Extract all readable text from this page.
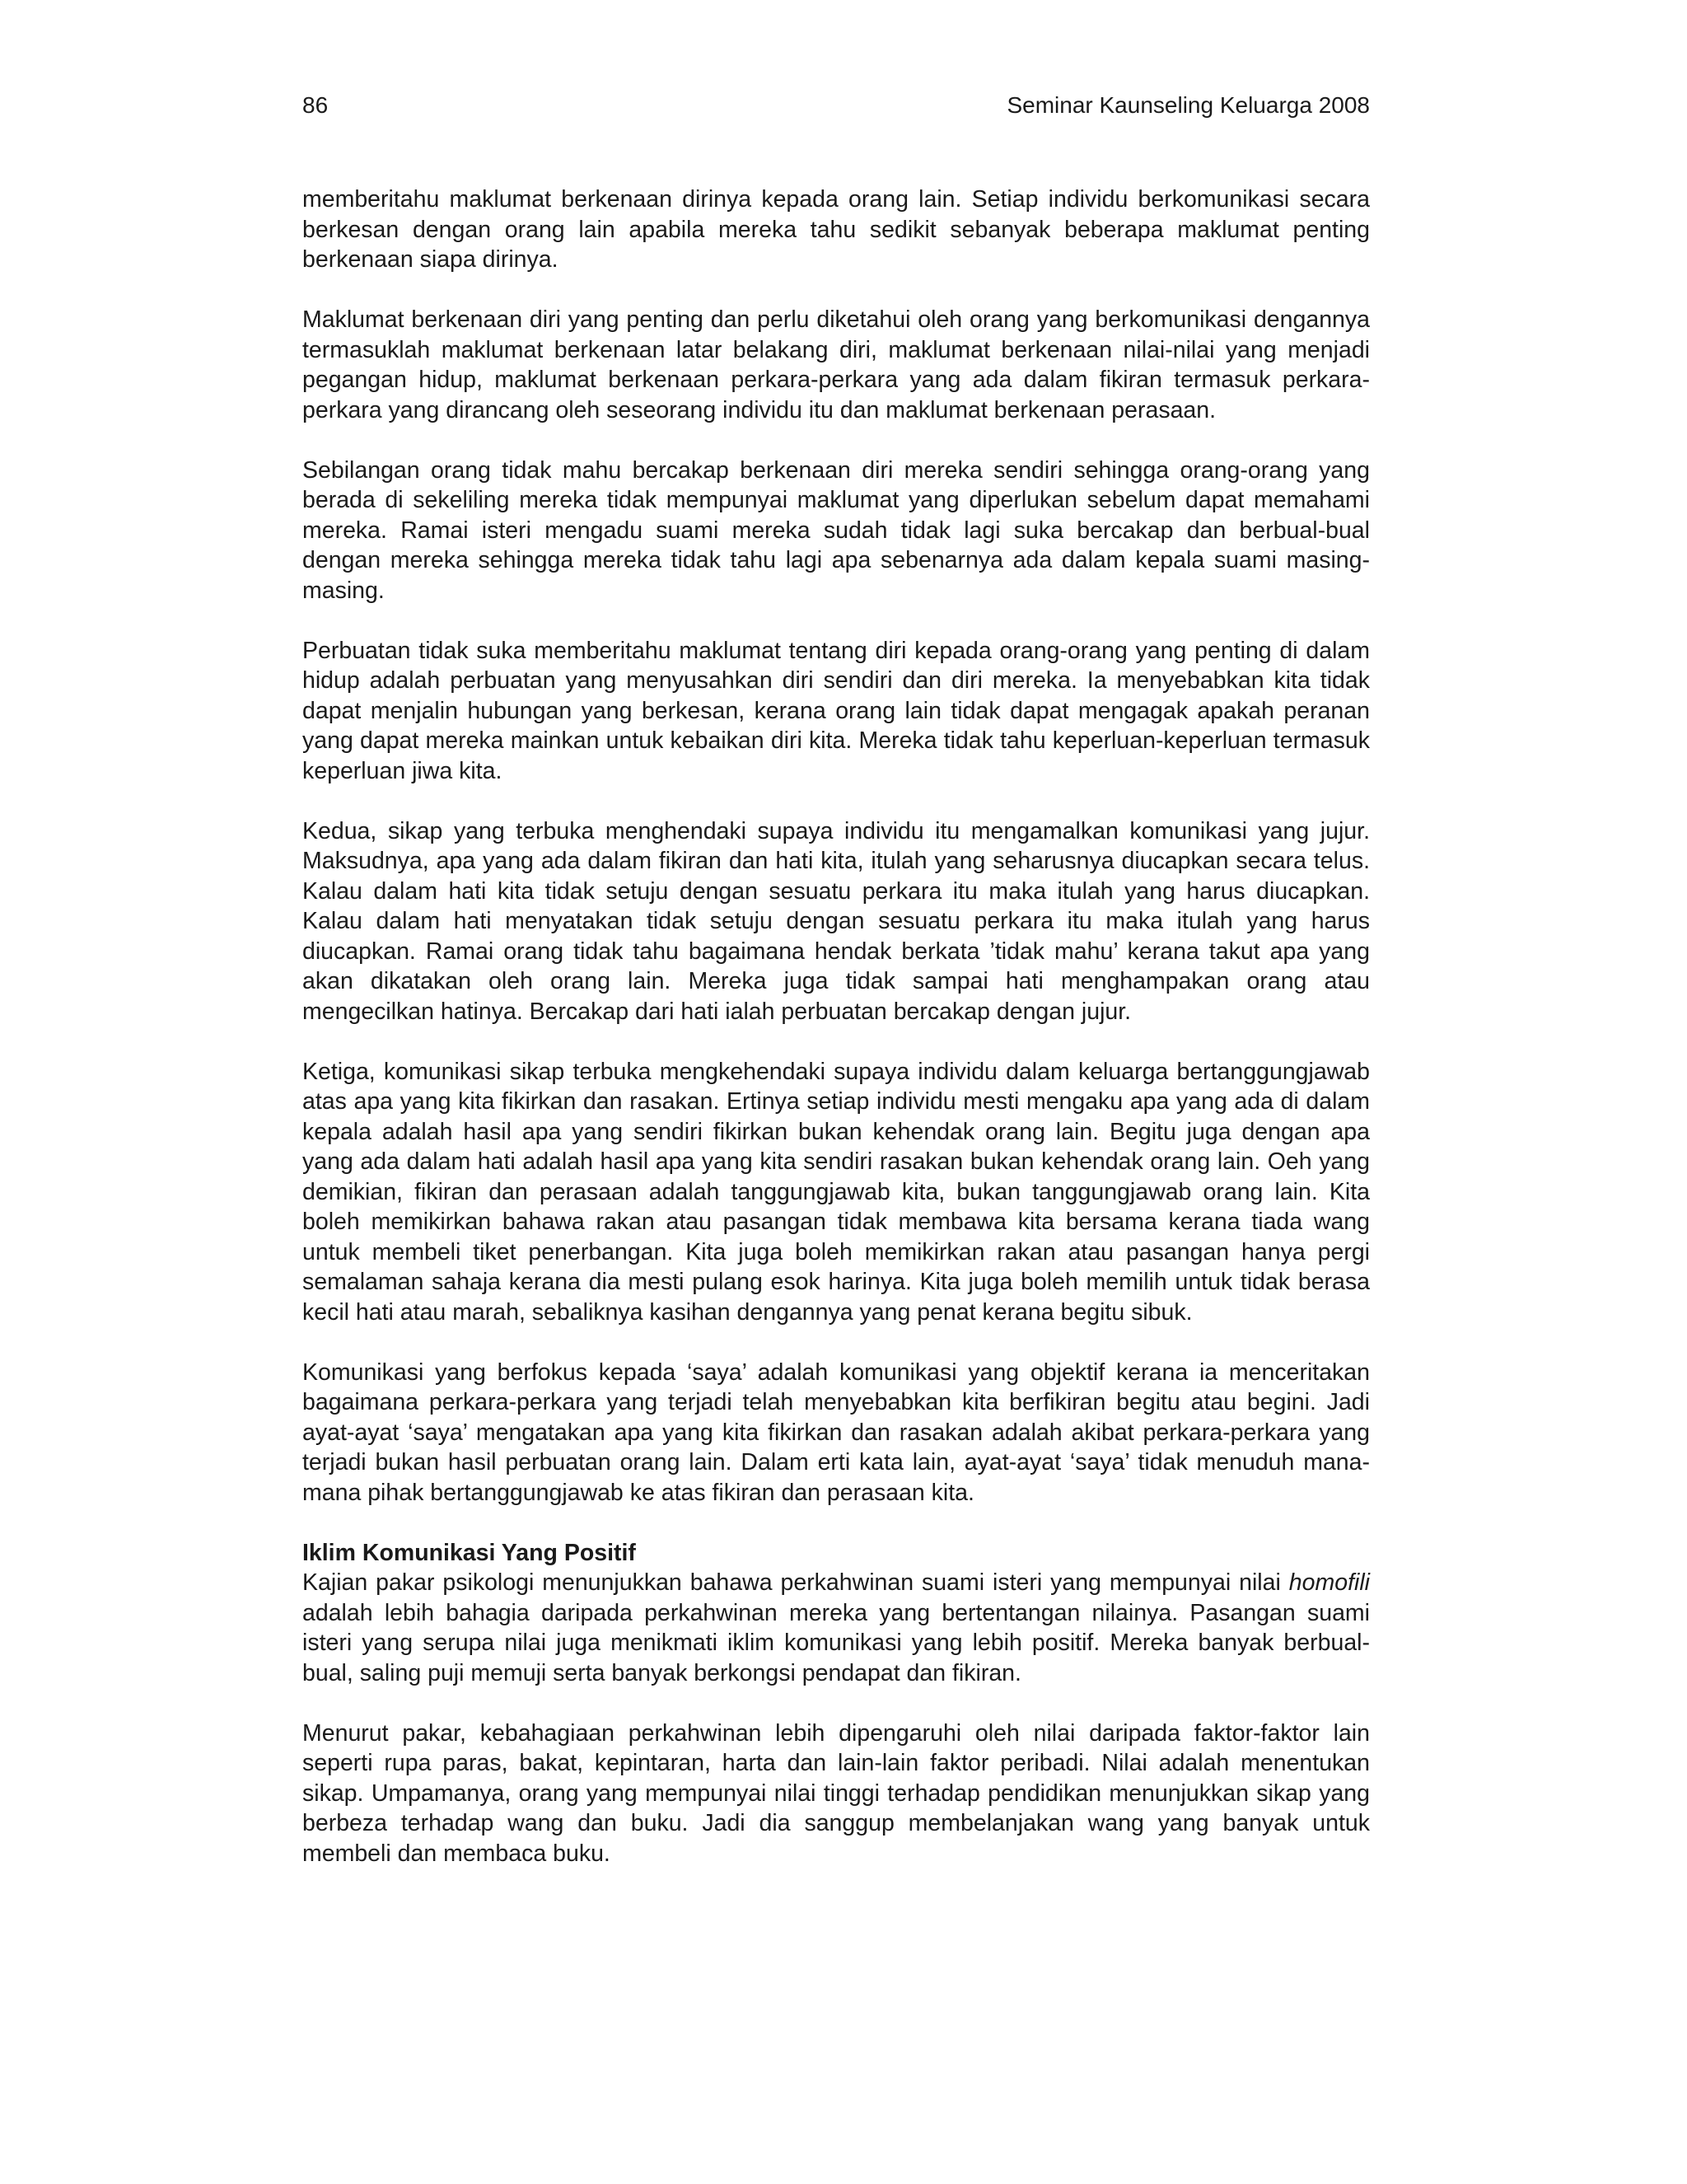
86	Seminar Kaunseling Keluarga 2008

memberitahu maklumat berkenaan dirinya kepada orang lain. Setiap individu berkomunikasi secara berkesan dengan orang lain apabila mereka tahu sedikit sebanyak beberapa maklumat penting berkenaan siapa dirinya.

Maklumat berkenaan diri yang penting dan perlu diketahui oleh orang yang berkomunikasi dengannya termasuklah maklumat berkenaan latar belakang diri, maklumat berkenaan nilai-nilai yang menjadi pegangan hidup, maklumat berkenaan perkara-perkara yang ada dalam fikiran termasuk perkara-perkara yang dirancang oleh seseorang individu itu dan maklumat berkenaan perasaan.

Sebilangan orang tidak mahu bercakap berkenaan diri mereka sendiri sehingga orang-orang yang berada di sekeliling mereka tidak mempunyai maklumat yang diperlukan sebelum dapat memahami mereka. Ramai isteri mengadu suami mereka sudah tidak lagi suka bercakap dan berbual-bual dengan mereka sehingga mereka tidak tahu lagi apa sebenarnya ada dalam kepala suami masing-masing.

Perbuatan tidak suka memberitahu maklumat tentang diri kepada orang-orang yang penting di dalam hidup adalah perbuatan yang menyusahkan diri sendiri dan diri mereka. Ia menyebabkan kita tidak dapat menjalin hubungan yang berkesan, kerana orang lain tidak dapat mengagak apakah peranan yang dapat mereka mainkan untuk kebaikan diri kita. Mereka tidak tahu keperluan-keperluan termasuk keperluan jiwa kita.

Kedua, sikap yang terbuka menghendaki supaya individu itu mengamalkan komunikasi yang jujur. Maksudnya, apa yang ada dalam fikiran dan hati kita, itulah yang seharusnya diucapkan secara telus. Kalau dalam hati kita tidak setuju dengan sesuatu perkara itu maka itulah yang harus diucapkan. Kalau dalam hati menyatakan tidak setuju dengan sesuatu perkara itu maka itulah yang harus diucapkan. Ramai orang tidak tahu bagaimana hendak berkata ’tidak mahu’ kerana takut apa yang akan dikatakan oleh orang lain. Mereka juga tidak sampai hati menghampakan orang atau mengecilkan hatinya. Bercakap dari hati ialah perbuatan bercakap dengan jujur.

Ketiga, komunikasi sikap terbuka mengkehendaki supaya individu dalam keluarga bertanggungjawab atas apa yang kita fikirkan dan rasakan. Ertinya setiap individu mesti mengaku apa yang ada di dalam kepala adalah hasil apa yang sendiri fikirkan bukan kehendak orang lain. Begitu juga dengan apa yang ada dalam hati adalah hasil apa yang kita sendiri rasakan bukan kehendak orang lain. Oeh yang demikian, fikiran dan perasaan adalah tanggungjawab kita, bukan tanggungjawab orang lain. Kita boleh memikirkan bahawa rakan atau pasangan tidak membawa kita bersama kerana tiada wang untuk membeli tiket penerbangan. Kita juga boleh memikirkan rakan atau pasangan hanya pergi semalaman sahaja kerana dia mesti pulang esok harinya. Kita juga boleh memilih untuk tidak berasa kecil hati atau marah, sebaliknya kasihan dengannya yang penat kerana begitu sibuk.

Komunikasi yang berfokus kepada ‘saya’ adalah komunikasi yang objektif kerana ia menceritakan bagaimana perkara-perkara yang terjadi telah menyebabkan kita berfikiran begitu atau begini. Jadi ayat-ayat ‘saya’ mengatakan apa yang kita fikirkan dan rasakan adalah akibat perkara-perkara yang terjadi bukan hasil perbuatan orang lain. Dalam erti kata lain, ayat-ayat ‘saya’ tidak menuduh mana-mana pihak bertanggungjawab ke atas fikiran dan perasaan kita.

Iklim Komunikasi Yang Positif

Kajian pakar psikologi menunjukkan bahawa perkahwinan suami isteri yang mempunyai nilai homofili adalah lebih bahagia daripada perkahwinan mereka yang bertentangan nilainya. Pasangan suami isteri yang serupa nilai juga menikmati iklim komunikasi yang lebih positif. Mereka banyak berbual-bual, saling puji memuji serta banyak berkongsi pendapat dan fikiran.

Menurut pakar, kebahagiaan perkahwinan lebih dipengaruhi oleh nilai daripada faktor-faktor lain seperti rupa paras, bakat, kepintaran, harta dan lain-lain faktor peribadi. Nilai adalah menentukan sikap. Umpamanya, orang yang mempunyai nilai tinggi terhadap pendidikan menunjukkan sikap yang berbeza terhadap wang dan buku. Jadi dia sanggup membelanjakan wang yang banyak untuk membeli dan membaca buku.
